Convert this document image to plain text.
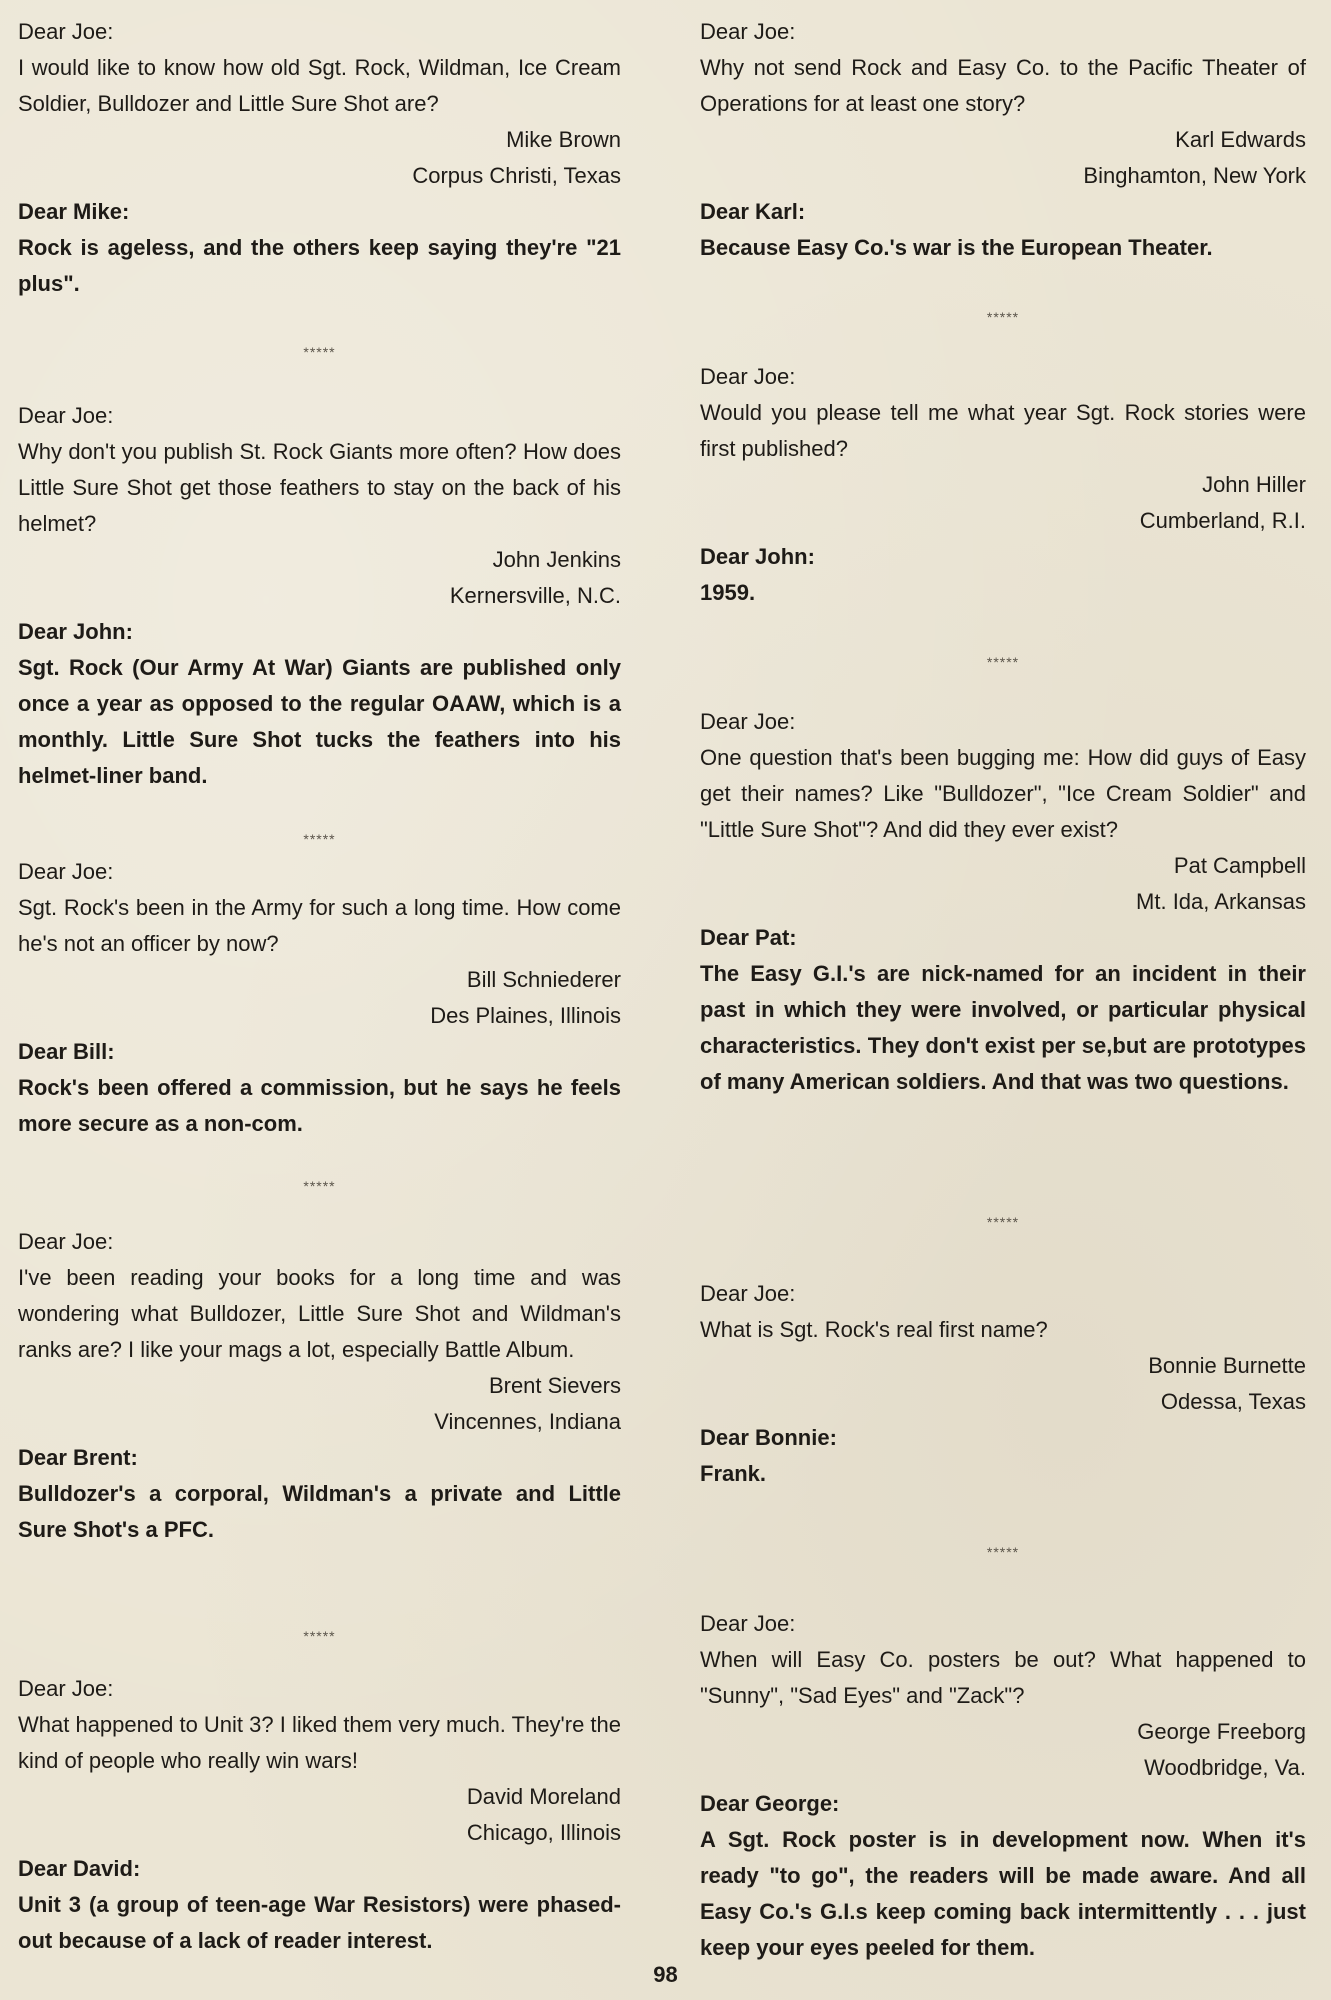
Dear Joe:

I would like to know how old Sgt. Rock, Wildman, Ice Cream Soldier, Bulldozer and Little Sure Shot are?

Mike Brown

Corpus Christi, Texas

Dear Mike:

Rock is ageless, and the others keep saying they're "21 plus".

*****

Dear Joe:

Why don't you publish St. Rock Giants more often? How does Little Sure Shot get those feathers to stay on the back of his helmet?

John Jenkins

Kernersville, N.C.

Dear John:

Sgt. Rock (Our Army At War) Giants are published only once a year as opposed to the regular OAAW, which is a monthly. Little Sure Shot tucks the feathers into his helmet-liner band.

*****

Dear Joe:

Sgt. Rock's been in the Army for such a long time. How come he's not an officer by now?

Bill Schniederer

Des Plaines, Illinois

Dear Bill:

Rock's been offered a commission, but he says he feels more secure as a non-com.

*****

Dear Joe:

I've been reading your books for a long time and was wondering what Bulldozer, Little Sure Shot and Wildman's ranks are? I like your mags a lot, especially Battle Album.

Brent Sievers

Vincennes, Indiana

Dear Brent:

Bulldozer's a corporal, Wildman's a private and Little Sure Shot's a PFC.

*****

Dear Joe:

What happened to Unit 3? I liked them very much. They're the kind of people who really win wars!

David Moreland

Chicago, Illinois

Dear David:

Unit 3 (a group of teen-age War Resistors) were phased-out because of a lack of reader interest.

Dear Joe:

Why not send Rock and Easy Co. to the Pacific Theater of Operations for at least one story?

Karl Edwards

Binghamton, New York

Dear Karl:

Because Easy Co.'s war is the European Theater.

*****

Dear Joe:

Would you please tell me what year Sgt. Rock stories were first published?

John Hiller

Cumberland, R.I.

Dear John:

1959.

*****

Dear Joe:

One question that's been bugging me: How did guys of Easy get their names? Like "Bulldozer", "Ice Cream Soldier" and "Little Sure Shot"? And did they ever exist?

Pat Campbell

Mt. Ida, Arkansas

Dear Pat:

The Easy G.I.'s are nick-named for an incident in their past in which they were involved, or particular physical characteristics. They don't exist per se,but are prototypes of many American soldiers. And that was two questions.

*****

Dear Joe:

What is Sgt. Rock's real first name?

Bonnie Burnette

Odessa, Texas

Dear Bonnie:

Frank.

*****

Dear Joe:

When will Easy Co. posters be out? What happened to "Sunny", "Sad Eyes" and "Zack"?

George Freeborg

Woodbridge, Va.

Dear George:

A Sgt. Rock poster is in development now. When it's ready "to go", the readers will be made aware. And all Easy Co.'s G.I.s keep coming back intermittently . . . just keep your eyes peeled for them.

98
